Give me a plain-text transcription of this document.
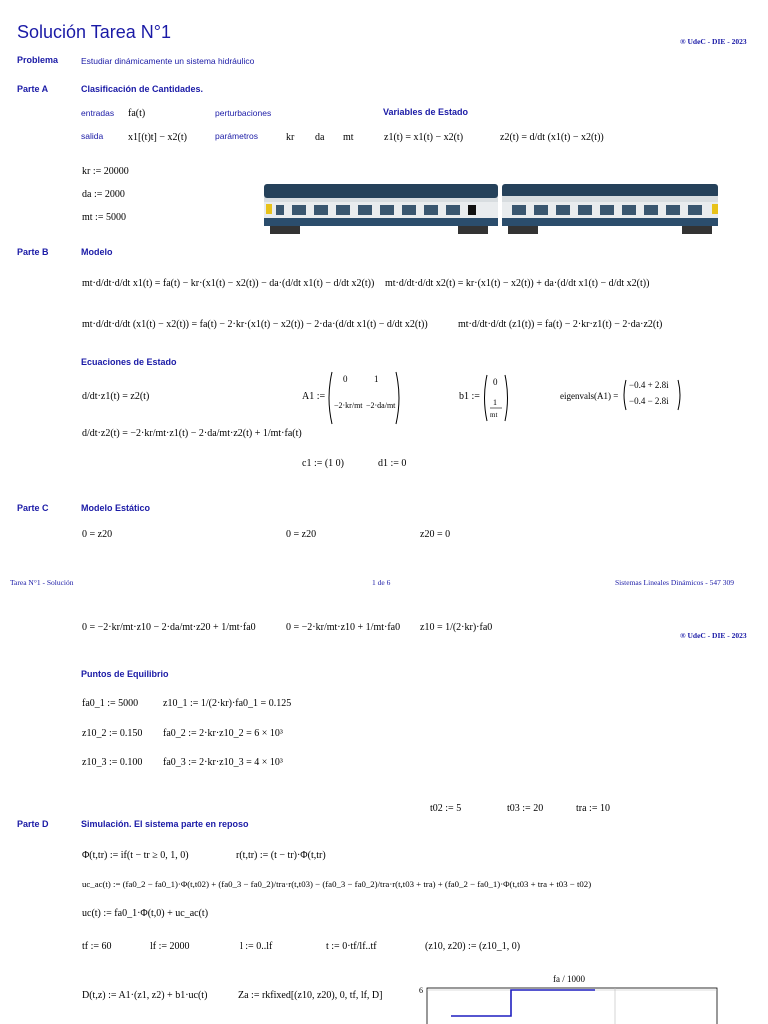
Solución Tarea N°1	® UdeC - DIE - 2023
Problema	Estudiar dinámicamente un sistema hidráulico
Parte A	Clasificación de Cantidades.
entradas fa(t)	perturbaciones	Variables de Estado
salida x1[(t)t] − x2(t)	parámetros	kr da mt	z1(t) = x1(t) − x2(t)	z2(t) = d/dt (x1(t) − x2(t))
kr := 20000
da := 2000
mt := 5000
Parte B	Modelo
mt·d/dt·d/dt x1(t) = fa(t) − kr·(x1(t) − x2(t)) − da·(d/dt x1(t) − d/dt x2(t)) mt·d/dt·d/dt x2(t) = kr·(x1(t) − x2(t)) + da·(d/dt x1(t) − d/dt x2(t))
mt·d/dt·d/dt (x1(t) − x2(t)) = fa(t) − 2·kr·(x1(t) − x2(t)) − 2·da·(d/dt x1(t) − d/dt x2(t))	mt·d/dt·d/dt (z1(t)) = fa(t) − 2·kr·z1(t) − 2·da·z2(t)
Ecuaciones de Estado
d/dt·z1(t) = z2(t)
d/dt·z2(t) = −2·kr/mt·z1(t) − 2·da/mt·z2(t) + 1/mt·fa(t)
A1 :=
0	1
−2·kr/mt −2·da/mt
b1 :=
0
1
mt
eigenvals(A1) =
−0.4 + 2.8i
−0.4 − 2.8i
c1 := (1 0)	d1 := 0
Parte C	Modelo Estático
0 = z20	0 = z20	z20 = 0
Tarea N°1 - Solución	1 de 6	Sistemas Lineales Dinámicos - 547 309
0 = −2·kr/mt·z10 − 2·da/mt·z20 + 1/mt·fa0	0 = −2·kr/mt·z10 + 1/mt·fa0 z10 = 1/(2·kr)·fa0
® UdeC - DIE - 2023
Puntos de Equilibrio
fa0_1 := 5000 z10_1 := 1/(2·kr)·fa0_1 = 0.125
z10_2 := 0.150 fa0_2 := 2·kr·z10_2 = 6 × 10³
z10_3 := 0.100 fa0_3 := 2·kr·z10_3 = 4 × 10³
t02 := 5	t03 := 20	tra := 10
Parte D	Simulación. El sistema parte en reposo
Φ(t,tr) := if(t − tr ≥ 0, 1, 0)	r(t,tr) := (t − tr)·Φ(t,tr)
uc_ac(t) := (fa0_2 − fa0_1)·Φ(t,t02) + (fa0_3 − fa0_2)/tra·r(t,t03) − (fa0_3 − fa0_2)/tra·r(t,t03 + tra) + (fa0_2 − fa0_1)·Φ(t,t03 + tra + t03 − t02)
uc(t) := fa0_1·Φ(t,0) + uc_ac(t)
tf := 60	lf := 2000	l := 0..lf	t := 0·tf/lf..tf	(z10, z20) := (z10_1, 0)
D(t,z) := A1·(z1, z2) + b1·uc(t)	Za := rkfixed[(z10, z20), 0, tf, lf, D]
fa / 1000
6
